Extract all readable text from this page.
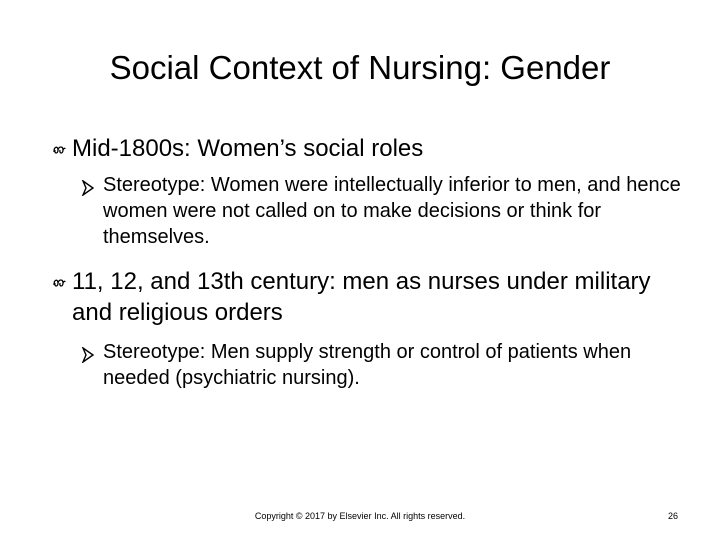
Social Context of Nursing: Gender
Mid-1800s: Women’s social roles
Stereotype: Women were intellectually inferior to men, and hence women were not called on to make decisions or think for themselves.
11, 12, and 13th century: men as nurses under military and religious orders
Stereotype: Men supply strength or control of patients when needed (psychiatric nursing).
Copyright © 2017 by Elsevier Inc. All rights reserved.	26
